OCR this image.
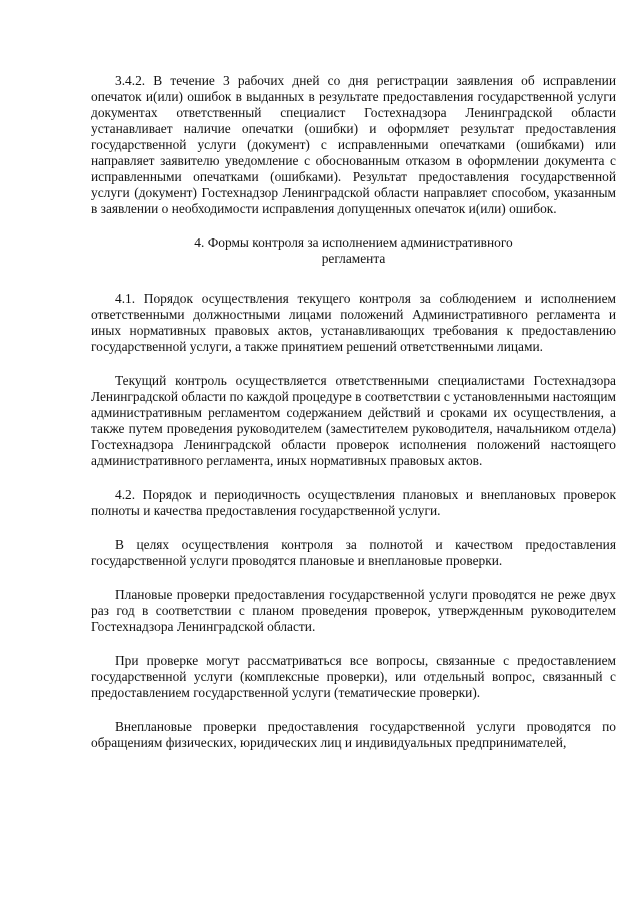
3.4.2. В течение 3 рабочих дней со дня регистрации заявления об исправлении опечаток и(или) ошибок в выданных в результате предоставления государственной услуги документах ответственный специалист Гостехнадзора Ленинградской области устанавливает наличие опечатки (ошибки) и оформляет результат предоставления государственной услуги (документ) с исправленными опечатками (ошибками) или направляет заявителю уведомление с обоснованным отказом в оформлении документа с исправленными опечатками (ошибками). Результат предоставления государственной услуги (документ) Гостехнадзор Ленинградской области направляет способом, указанным в заявлении о необходимости исправления допущенных опечаток и(или) ошибок.

4. Формы контроля за исполнением административного регламента

4.1. Порядок осуществления текущего контроля за соблюдением и исполнением ответственными должностными лицами положений Административного регламента и иных нормативных правовых актов, устанавливающих требования к предоставлению государственной услуги, а также принятием решений ответственными лицами.

Текущий контроль осуществляется ответственными специалистами Гостехнадзора Ленинградской области по каждой процедуре в соответствии с установленными настоящим административным регламентом содержанием действий и сроками их осуществления, а также путем проведения руководителем (заместителем руководителя, начальником отдела) Гостехнадзора Ленинградской области проверок исполнения положений настоящего административного регламента, иных нормативных правовых актов.

4.2. Порядок и периодичность осуществления плановых и внеплановых проверок полноты и качества предоставления государственной услуги.

В целях осуществления контроля за полнотой и качеством предоставления государственной услуги проводятся плановые и внеплановые проверки.

Плановые проверки предоставления государственной услуги проводятся не реже двух раз год в соответствии с планом проведения проверок, утвержденным руководителем Гостехнадзора Ленинградской области.

При проверке могут рассматриваться все вопросы, связанные с предоставлением государственной услуги (комплексные проверки), или отдельный вопрос, связанный с предоставлением государственной услуги (тематические проверки).

Внеплановые проверки предоставления государственной услуги проводятся по обращениям физических, юридических лиц и индивидуальных предпринимателей,
